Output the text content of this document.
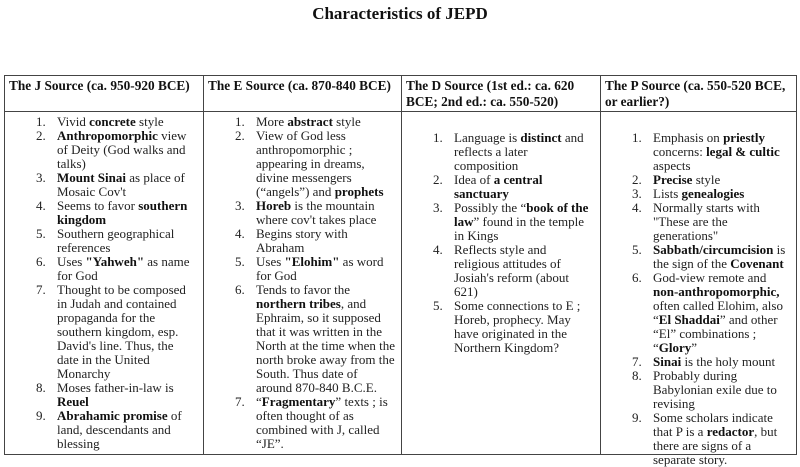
Characteristics of JEPD
The J Source (ca. 950-920 BCE)
1. Vivid concrete style
2. Anthropomorphic view of Deity (God walks and talks)
3. Mount Sinai as place of Mosaic Cov't
4. Seems to favor southern kingdom
5. Southern geographical references
6. Uses "Yahweh" as name for God
7. Thought to be composed in Judah and contained propaganda for the southern kingdom, esp. David's line. Thus, the date in the United Monarchy
8. Moses father-in-law is Reuel
9. Abrahamic promise of land, descendants and blessing
The E Source (ca. 870-840 BCE)
1. More abstract style
2. View of God less anthropomorphic ; appearing in dreams, divine messengers (“angels”) and prophets
3. Horeb is the mountain where cov't takes place
4. Begins story with Abraham
5. Uses "Elohim" as word for God
6. Tends to favor the northern tribes, and Ephraim, so it supposed that it was written in the North at the time when the north broke away from the South. Thus date of around 870-840 B.C.E.
7. “Fragmentary” texts ; is often thought of as combined with J, called “JE”.
The D Source (1st ed.: ca. 620 BCE; 2nd ed.: ca. 550-520)
1. Language is distinct and reflects a later composition
2. Idea of a central sanctuary
3. Possibly the “book of the law” found in the temple in Kings
4. Reflects style and religious attitudes of Josiah's reform (about 621)
5. Some connections to E ; Horeb, prophecy. May have originated in the Northern Kingdom?
The P Source (ca. 550-520 BCE, or earlier?)
1. Emphasis on priestly concerns: legal & cultic aspects
2. Precise style
3. Lists genealogies
4. Normally starts with "These are the generations"
5. Sabbath/circumcision is the sign of the Covenant
6. God-view remote and non-anthropomorphic, often called Elohim, also “El Shaddai” and other “El” combinations ; “Glory”
7. Sinai is the holy mount
8. Probably during Babylonian exile due to revising
9. Some scholars indicate that P is a redactor, but there are signs of a separate story.
